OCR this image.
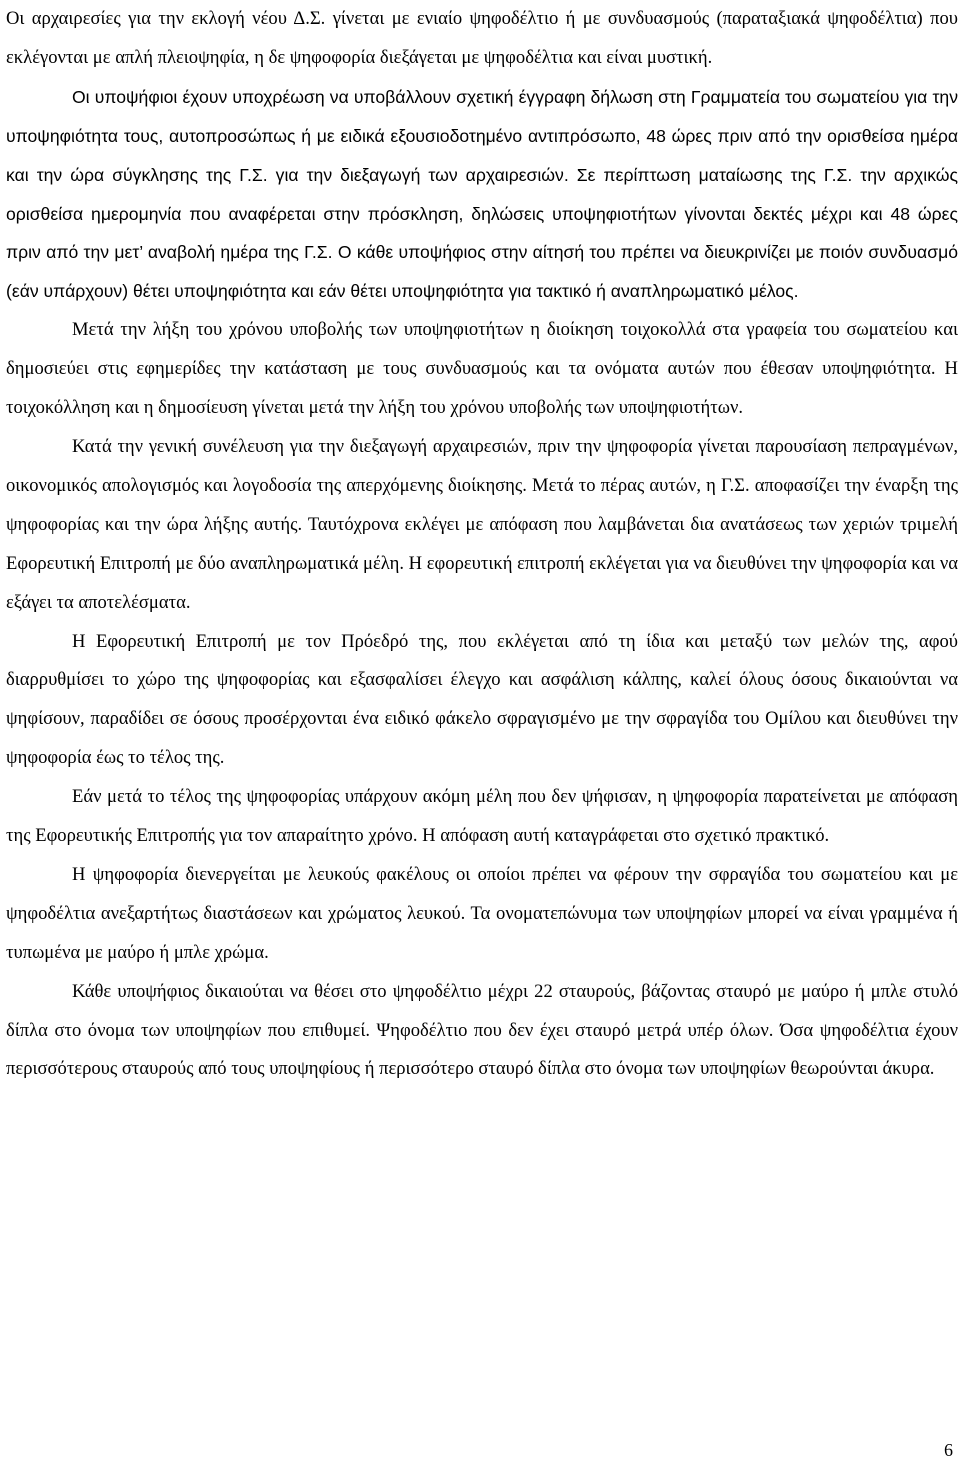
Οι αρχαιρεσίες για την εκλογή νέου Δ.Σ. γίνεται με ενιαίο ψηφοδέλτιο ή με συνδυασμούς (παραταξιακά ψηφοδέλτια) που εκλέγονται με απλή πλειοψηφία, η δε ψηφοφορία διεξάγεται με ψηφοδέλτια και είναι μυστική.

Οι υποψήφιοι έχουν υποχρέωση να υποβάλλουν σχετική έγγραφη δήλωση στη Γραμματεία του σωματείου για την υποψηφιότητα τους, αυτοπροσώπως ή με ειδικά εξουσιοδοτημένο αντιπρόσωπο, 48 ώρες πριν από την ορισθείσα ημέρα και την ώρα σύγκλησης της Γ.Σ. για την διεξαγωγή των αρχαιρεσιών. Σε περίπτωση ματαίωσης της Γ.Σ. την αρχικώς ορισθείσα ημερομηνία που αναφέρεται στην πρόσκληση, δηλώσεις υποψηφιοτήτων γίνονται δεκτές μέχρι και 48 ώρες πριν από την μετ’ αναβολή ημέρα της Γ.Σ. Ο κάθε υποψήφιος στην αίτησή του πρέπει να διευκρινίζει με ποιόν συνδυασμό (εάν υπάρχουν) θέτει υποψηφιότητα και εάν θέτει υποψηφιότητα για τακτικό ή αναπληρωματικό μέλος.

Μετά την λήξη του χρόνου υποβολής των υποψηφιοτήτων η διοίκηση τοιχοκολλά στα γραφεία του σωματείου και δημοσιεύει στις εφημερίδες την κατάσταση με τους συνδυασμούς και τα ονόματα αυτών που έθεσαν υποψηφιότητα. Η τοιχοκόλληση και η δημοσίευση γίνεται μετά την λήξη του χρόνου υποβολής των υποψηφιοτήτων.

Κατά την γενική συνέλευση για την διεξαγωγή αρχαιρεσιών, πριν την ψηφοφορία γίνεται παρουσίαση πεπραγμένων, οικονομικός απολογισμός και λογοδοσία της απερχόμενης διοίκησης. Μετά το πέρας αυτών, η Γ.Σ. αποφασίζει την έναρξη της ψηφοφορίας και την ώρα λήξης αυτής. Ταυτόχρονα εκλέγει με απόφαση που λαμβάνεται δια ανατάσεως των χεριών τριμελή Εφορευτική Επιτροπή με δύο αναπληρωματικά μέλη. Η εφορευτική επιτροπή εκλέγεται για να διευθύνει την ψηφοφορία και να εξάγει τα αποτελέσματα.

Η Εφορευτική Επιτροπή με τον Πρόεδρό της, που εκλέγεται από τη ίδια και μεταξύ των μελών της, αφού διαρρυθμίσει το χώρο της ψηφοφορίας και εξασφαλίσει έλεγχο και ασφάλιση κάλπης, καλεί όλους όσους δικαιούνται να ψηφίσουν, παραδίδει σε όσους προσέρχονται ένα ειδικό φάκελο σφραγισμένο με την σφραγίδα του Ομίλου και διευθύνει την ψηφοφορία έως το τέλος της.

Εάν μετά το τέλος της ψηφοφορίας υπάρχουν ακόμη μέλη που δεν ψήφισαν, η ψηφοφορία παρατείνεται με απόφαση της Εφορευτικής Επιτροπής για τον απαραίτητο χρόνο. Η απόφαση αυτή καταγράφεται στο σχετικό πρακτικό.

Η ψηφοφορία διενεργείται με λευκούς φακέλους οι οποίοι πρέπει να φέρουν την σφραγίδα του σωματείου και με ψηφοδέλτια ανεξαρτήτως διαστάσεων και χρώματος λευκού. Τα ονοματεπώνυμα των υποψηφίων μπορεί να είναι γραμμένα ή τυπωμένα με μαύρο ή μπλε χρώμα.

Κάθε υποψήφιος δικαιούται να θέσει στο ψηφοδέλτιο μέχρι 22 σταυρούς, βάζοντας σταυρό με μαύρο ή μπλε στυλό δίπλα στο όνομα των υποψηφίων που επιθυμεί. Ψηφοδέλτιο που δεν έχει σταυρό μετρά υπέρ όλων. Όσα ψηφοδέλτια έχουν περισσότερους σταυρούς από τους υποψηφίους ή περισσότερο σταυρό δίπλα στο όνομα των υποψηφίων θεωρούνται άκυρα.

6
